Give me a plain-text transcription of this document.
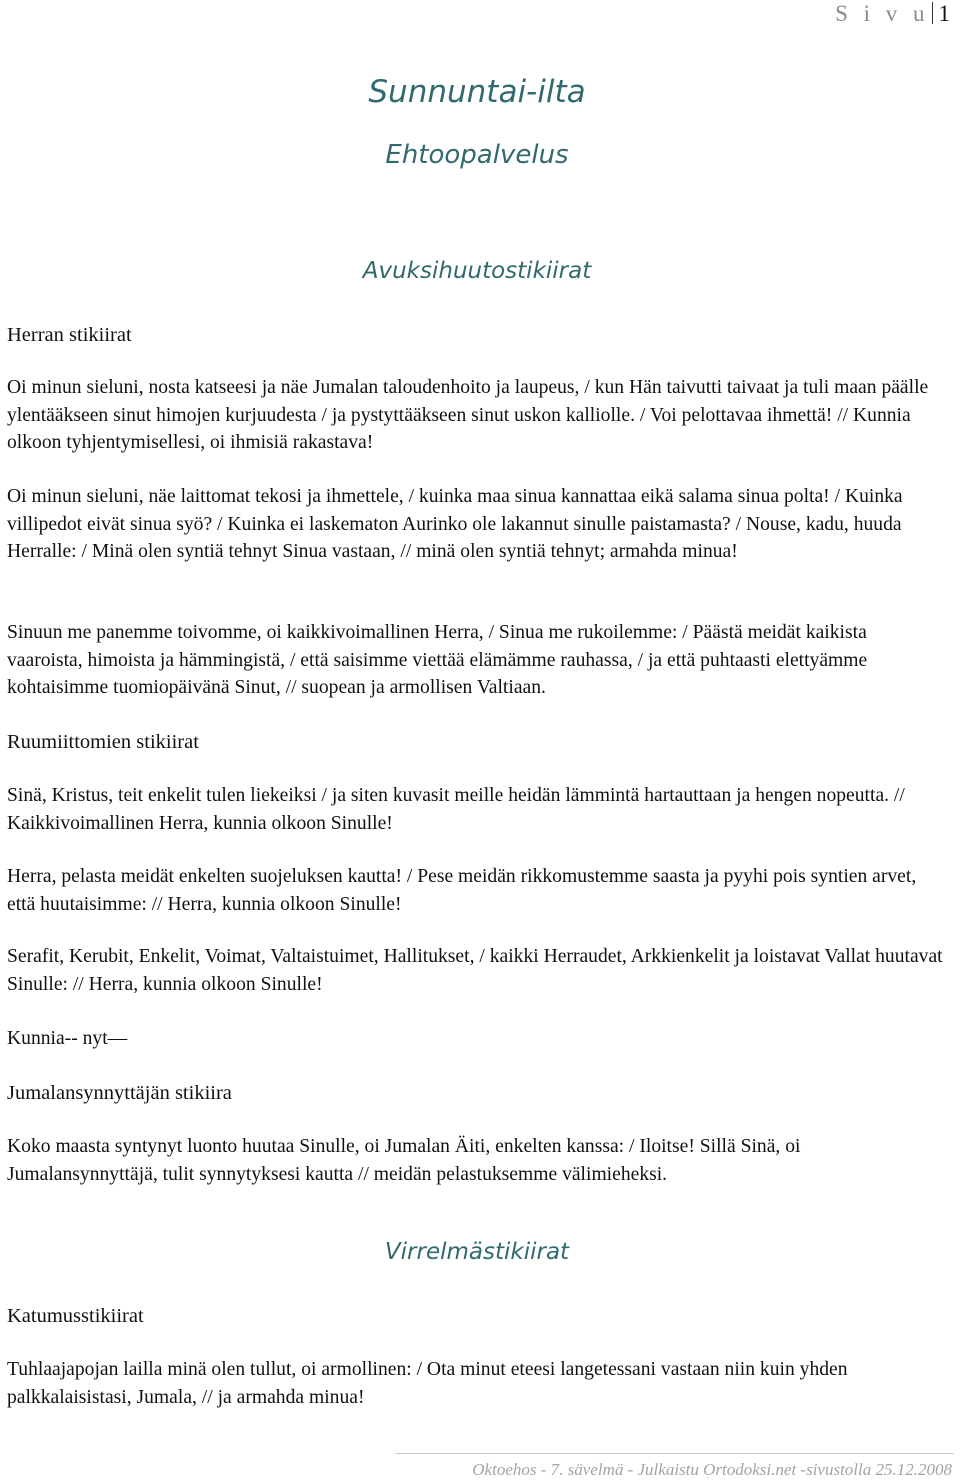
S i v u 1
Sunnuntai-ilta
Ehtoopalvelus
Avuksihuutostikiirat
Herran stikiirat

Oi minun sieluni, nosta katseesi ja näe Jumalan taloudenhoito ja laupeus, / kun Hän taivutti taivaat ja tuli maan päälle ylentääkseen sinut himojen kurjuudesta / ja pystyttääkseen sinut uskon kalliolle. / Voi pelottavaa ihmettä! // Kunnia olkoon tyhjentymisellesi, oi ihmisiä rakastava!

Oi minun sieluni, näe laittomat tekosi ja ihmettele, / kuinka maa sinua kannattaa eikä salama sinua polta! / Kuinka villipedot eivät sinua syö? / Kuinka ei laskematon Aurinko ole lakannut sinulle paistamasta? / Nouse, kadu, huuda Herralle: / Minä olen syntiä tehnyt Sinua vastaan, // minä olen syntiä tehnyt; armahda minua!

Sinuun me panemme toivomme, oi kaikkivoimallinen Herra, / Sinua me rukoilemme: / Päästä meidät kaikista vaaroista, himoista ja hämmingistä, / että saisimme viettää elämämme rauhassa, / ja että puhtaasti elettyämme kohtaisimme tuomiopäivänä Sinut, // suopean ja armollisen Valtiaan.

Ruumiittomien stikiirat

Sinä, Kristus, teit enkelit tulen liekeiksi / ja siten kuvasit meille heidän lämmintä hartauttaan ja hengen nopeutta. // Kaikkivoimallinen Herra, kunnia olkoon Sinulle!

Herra, pelasta meidät enkelten suojeluksen kautta! / Pese meidän rikkomustemme saasta ja pyyhi pois syntien arvet, että huutaisimme: // Herra, kunnia olkoon Sinulle!

Serafit, Kerubit, Enkelit, Voimat, Valtaistuimet, Hallitukset, / kaikki Herraudet, Arkkienkelit ja loistavat Vallat huutavat Sinulle: // Herra, kunnia olkoon Sinulle!

Kunnia-- nyt—

Jumalansynnyttäjän stikiira

Koko maasta syntynyt luonto huutaa Sinulle, oi Jumalan Äiti, enkelten kanssa: / Iloitse! Sillä Sinä, oi Jumalansynnyttäjä, tulit synnytyksesi kautta // meidän pelastuksemme välimieheksi.

Virrelmästikiirat
Katumusstikiirat

Tuhlaajapojan lailla minä olen tullut, oi armollinen: / Ota minut eteesi langetessani vastaan niin kuin yhden palkkalaisistasi, Jumala, // ja armahda minua!

Oktoehos - 7. sävelmä - Julkaistu Ortodoksi.net -sivustolla 25.12.2008
